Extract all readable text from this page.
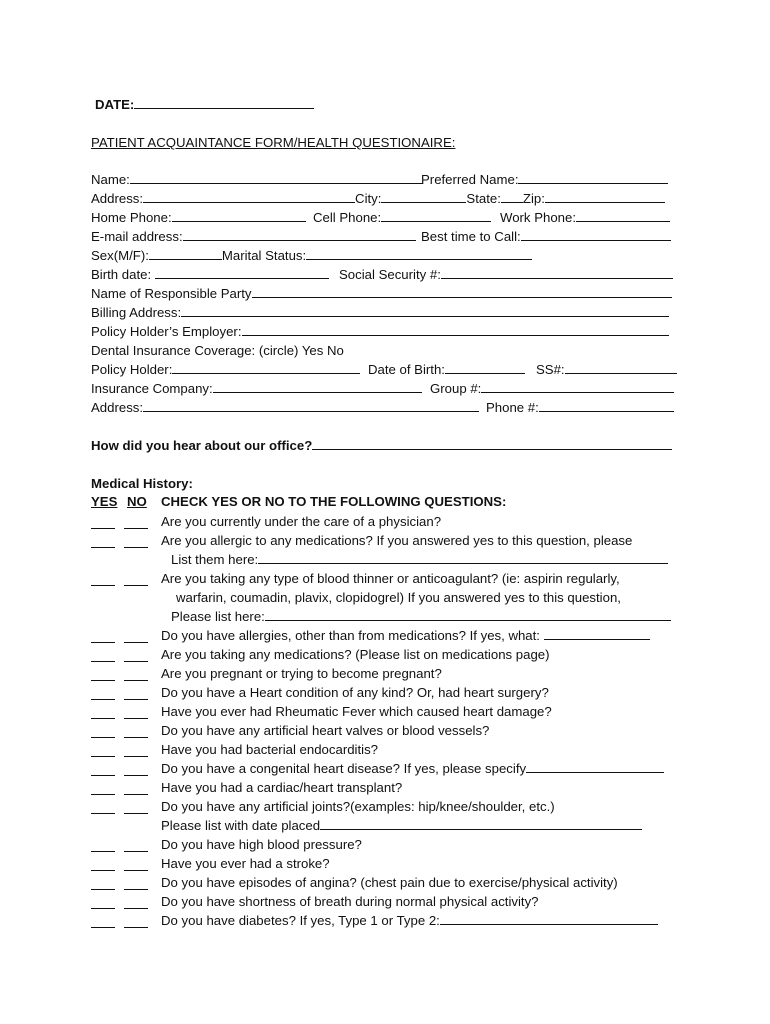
DATE:
PATIENT ACQUAINTANCE FORM/HEALTH QUESTIONAIRE:
Name:	Preferred Name:
Address:	City:	State: Zip:
Home Phone:	Cell Phone:	Work Phone:
E-mail address:	Best time to Call:
Sex(M/F):	Marital Status:
Birth date:	Social Security #:
Name of Responsible Party
Billing Address:
Policy Holder’s Employer:
Dental Insurance Coverage: (circle) Yes No
Policy Holder:	Date of Birth:	SS#:
Insurance Company:	Group #:
Address:	Phone #:
How did you hear about our office?
Medical History:
YES NO CHECK YES OR NO TO THE FOLLOWING QUESTIONS:
Are you currently under the care of a physician?
Are you allergic to any medications? If you answered yes to this question, please
List them here:
Are you taking any type of blood thinner or anticoagulant? (ie: aspirin regularly,
warfarin, coumadin, plavix, clopidogrel) If you answered yes to this question,
Please list here:
Do you have allergies, other than from medications? If yes, what:
Are you taking any medications? (Please list on medications page)
Are you pregnant or trying to become pregnant?
Do you have a Heart condition of any kind? Or, had heart surgery?
Have you ever had Rheumatic Fever which caused heart damage?
Do you have any artificial heart valves or blood vessels?
Have you had bacterial endocarditis?
Do you have a congenital heart disease? If yes, please specify
Have you had a cardiac/heart transplant?
Do you have any artificial joints?(examples: hip/knee/shoulder, etc.)
Please list with date placed
Do you have high blood pressure?
Have you ever had a stroke?
Do you have episodes of angina? (chest pain due to exercise/physical activity)
Do you have shortness of breath during normal physical activity?
Do you have diabetes? If yes, Type 1 or Type 2:
